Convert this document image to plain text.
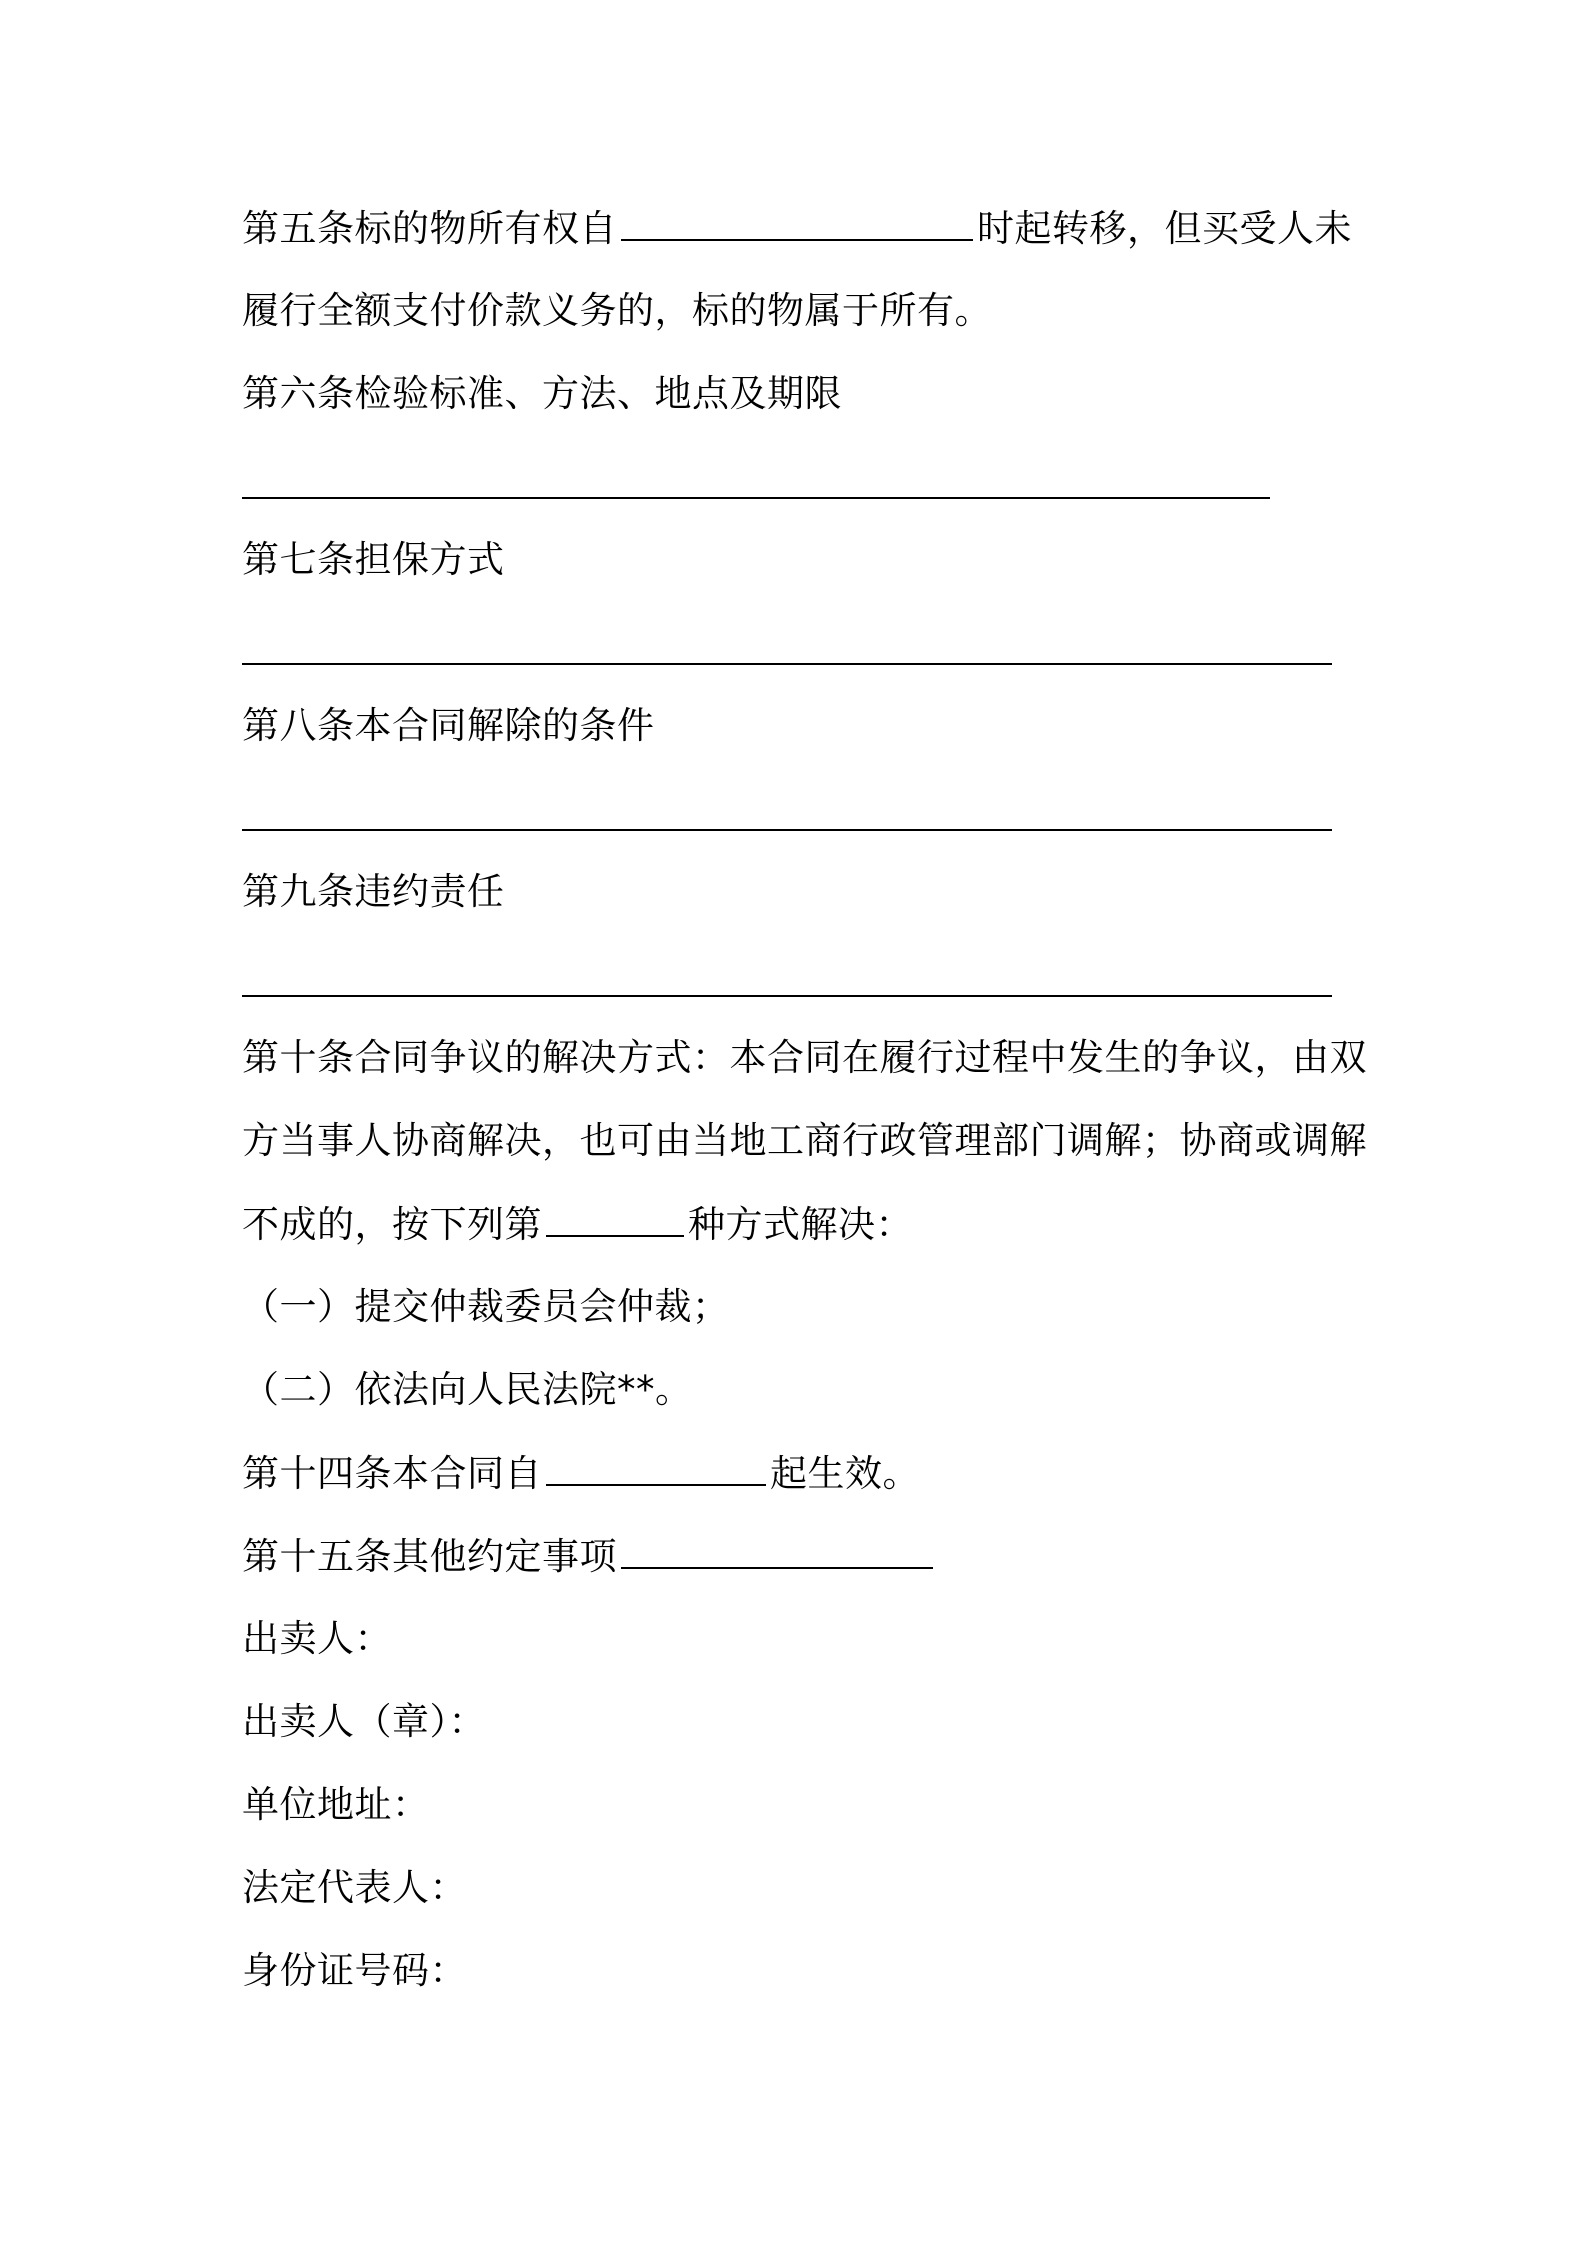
第五条标的物所有权自	时起转移，但买受人未
履行全额支付价款义务的，标的物属于所有。
第六条检验标准、方法、地点及期限
第七条担保方式
第八条本合同解除的条件
第九条违约责任
第十条合同争议的解决方式：本合同在履行过程中发生的争议，由双
方当事人协商解决，也可由当地工商行政管理部门调解；协商或调解
不成的，按下列第	种方式解决：
（一）提交仲裁委员会仲裁；
（二）依法向人民法院**。
第十四条本合同自	起生效。
第十五条其他约定事项
出卖人：
出卖人（章）：
单位地址：
法定代表人：
身份证号码：
